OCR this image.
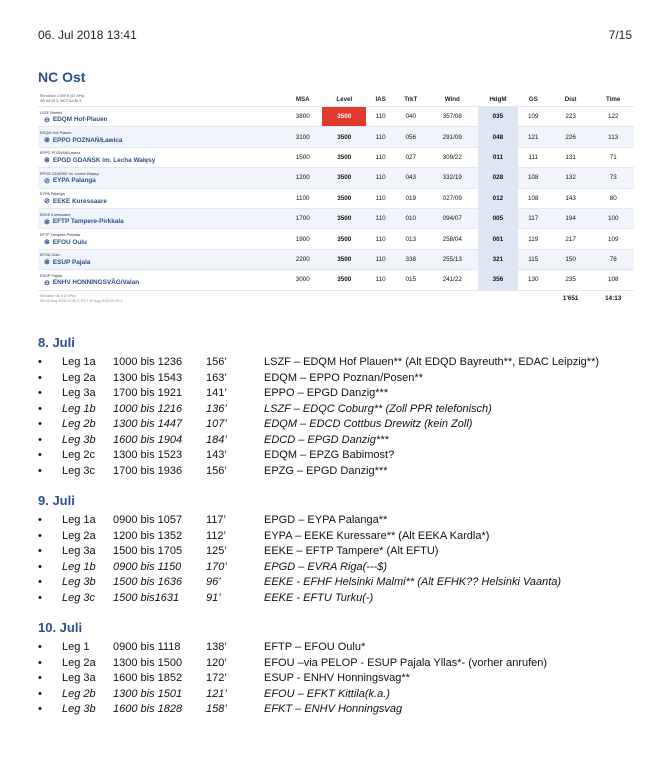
06. Jul 2018 13:41	7/15
NC Ost
Elevation 1'300 ft (47 hPa)
SR 03:15 Z, MCT 02:50 Z	MSA	Level	IAS	TrkT	Wind	HdgM	GS	Dist	Time

LSZF Birrfeld
⊖ EDQM Hof-Plauen	3800	3500	110	040	357/08	035	109	223	122

EDQM Hof-Plauen
⊗ EPPO POZNAŃ/Ławica	3100	3500	110	056	291/09	048	121	226	113

EPPO POZNAŃ/Ławica
⊗ EPGD GDAŃSK im. Lecha Wałęsy	1500	3500	110	027	309/22	011	111	131	71

EPGD GDAŃSK im. Lecha Wałęsy
⊘ EYPA Palanga	1200	3500	110	043	332/19	028	108	132	73

EYPA Palanga
⊘ EEKE Kuressaare	1100	3500	110	019	027/09	012	108	143	80

EEKE Kuressaare
⊗ EFTP Tampere-Pirkkala	1700	3500	110	010	094/07	005	117	194	100

EFTP Tampere-Pirkkala
⊗ EFOU Oulu	1900	3500	110	013	258/04	001	119	217	109

EFOU Oulu
⊗ ESUP Pajala	2200	3500	110	338	255/13	321	115	150	78

ESUP Pajala
⊖ ENHV HONNINGSVÅG/Valan	3000	3500	110	015	241/22	356	130	235	108

Elevation 46 ft (2 hPa)
SS 03 Aug 2018 21:40 Z, ECT 10 Aug 2018 21:30 Z								1'651	14:13
8. Juli
• Leg 1a 1000 bis 1236 156’	LSZF – EDQM Hof Plauen** (Alt EDQD Bayreuth**, EDAC Leipzig**)
• Leg 2a 1300 bis 1543 163’	EDQM – EPPO Poznan/Posen**
• Leg 3a 1700 bis 1921 141’	EPPO – EPGD Danzig***
• Leg 1b 1000 bis 1216 136’	LSZF – EDQC Coburg** (Zoll PPR telefonisch)
• Leg 2b 1300 bis 1447 107’	EDQM – EDCD Cottbus Drewitz (kein Zoll)
• Leg 3b 1600 bis 1904 184’	EDCD – EPGD Danzig***
• Leg 2c 1300 bis 1523 143’	EDQM – EPZG Babimost?
• Leg 3c 1700 bis 1936 156’	EPZG – EPGD Danzig***
9. Juli
• Leg 1a 0900 bis 1057 117’	EPGD – EYPA Palanga**
• Leg 2a 1200 bis 1352 112’	EYPA – EEKE Kuressare** (Alt EEKA Kardla*)
• Leg 3a 1500 bis 1705 125’	EEKE – EFTP Tampere* (Alt EFTU)
• Leg 1b 0900 bis 1150 170’	EPGD – EVRA Riga(---$)
• Leg 3b 1500 bis 1636 96’	EEKE - EFHF Helsinki Malmi** (Alt EFHK?? Helsinki Vaanta)
• Leg 3c 1500 bis1631 91’	EEKE - EFTU Turku(-)
10. Juli
• Leg 1 0900 bis 1118 138’	EFTP – EFOU Oulu*
• Leg 2a 1300 bis 1500 120’	EFOU –via PELOP - ESUP Pajala Yllas*- (vorher anrufen)
• Leg 3a 1600 bis 1852 172’	ESUP - ENHV Honningsvag**
• Leg 2b 1300 bis 1501 121’	EFOU – EFKT Kittila(k.a.)
• Leg 3b 1600 bis 1828 158’	EFKT – ENHV Honningsvag
